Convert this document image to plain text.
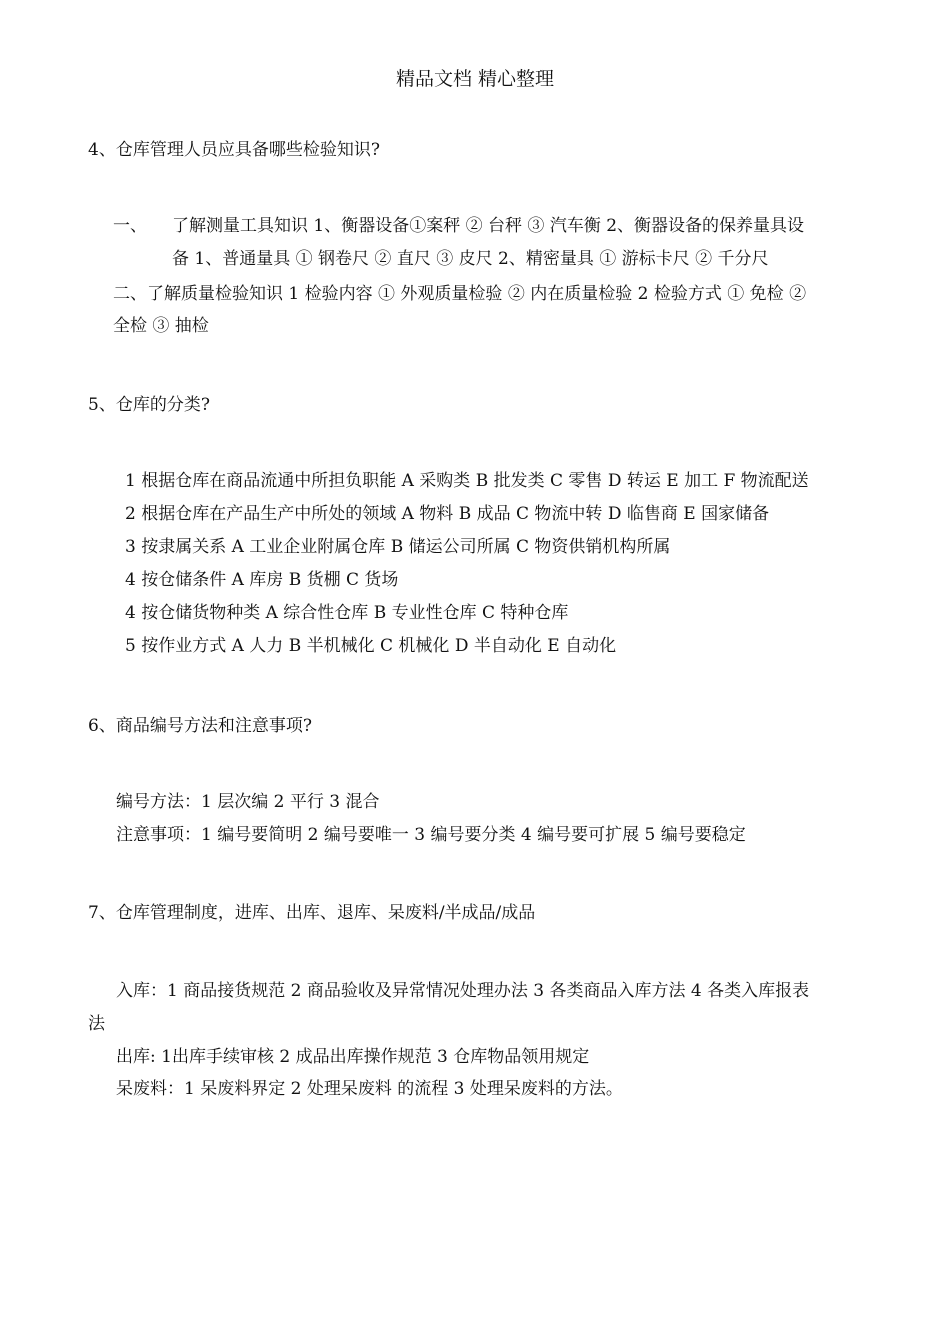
精品文档 精心整理
4、仓库管理人员应具备哪些检验知识?
一、 了解测量工具知识 1、衡器设备①案秤 ② 台秤 ③ 汽车衡 2、衡器设备的保养量具设
备 1、普通量具 ① 钢卷尺 ② 直尺 ③ 皮尺 2、精密量具 ① 游标卡尺 ② 千分尺
二、了解质量检验知识 1 检验内容 ① 外观质量检验 ② 内在质量检验 2 检验方式 ① 免检 ②
全检 ③ 抽检
5、仓库的分类?
1 根据仓库在商品流通中所担负职能 A 采购类 B 批发类 C 零售 D 转运 E 加工 F 物流配送
2 根据仓库在产品生产中所处的领域 A 物料 B 成品 C 物流中转 D 临售商 E 国家储备
3 按隶属关系 A 工业企业附属仓库 B 储运公司所属 C 物资供销机构所属
4 按仓储条件 A 库房 B 货棚 C 货场
4 按仓储货物种类 A 综合性仓库 B 专业性仓库 C 特种仓库
5 按作业方式 A 人力 B 半机械化 C 机械化 D 半自动化 E 自动化
6、商品编号方法和注意事项?
编号方法：1 层次编 2 平行 3 混合
注意事项：1 编号要简明 2 编号要唯一 3 编号要分类 4 编号要可扩展 5 编号要稳定
7、仓库管理制度，进库、出库、退库、呆废料/半成品/成品
入库：1 商品接货规范 2 商品验收及异常情况处理办法 3 各类商品入库方法 4 各类入库报表
法
出库: 1出库手续审核 2 成品出库操作规范 3 仓库物品领用规定
呆废料：1 呆废料界定 2 处理呆废料 的流程 3 处理呆废料的方法。
